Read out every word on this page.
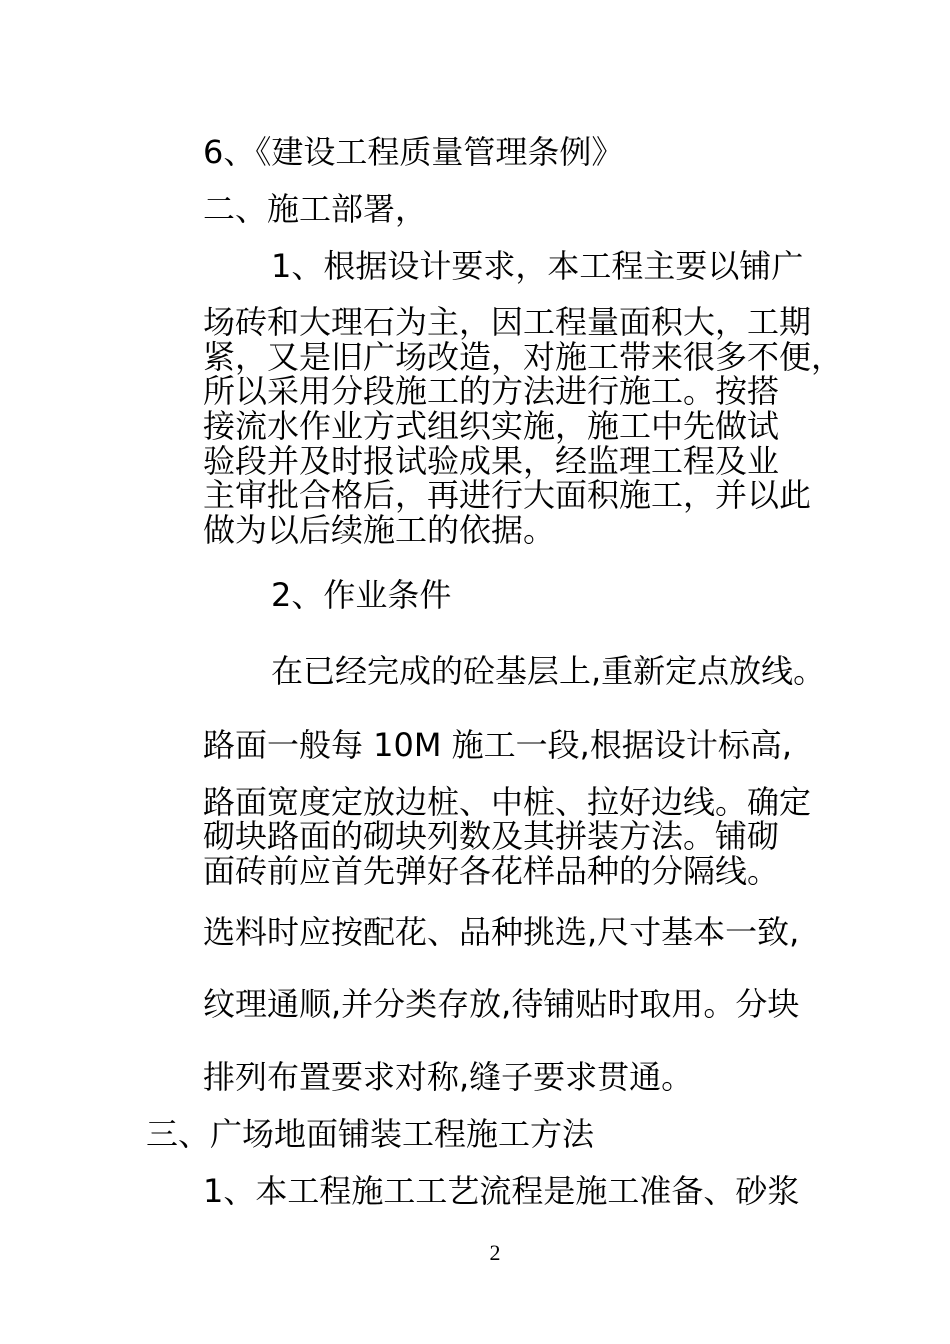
6、《建设工程质量管理条例》

二、施工部署，

1、根据设计要求，本工程主要以铺广

场砖和大理石为主，因工程量面积大，工期

紧，又是旧广场改造，对施工带来很多不便，

所以采用分段施工的方法进行施工。按搭

接流水作业方式组织实施，施工中先做试

验段并及时报试验成果，经监理工程及业

主审批合格后，再进行大面积施工，并以此

做为以后续施工的依据。

2、作业条件

在已经完成的砼基层上,重新定点放线。

路面一般每 10M 施工一段,根据设计标高,

路面宽度定放边桩、中桩、拉好边线。确定

砌块路面的砌块列数及其拼装方法。铺砌

面砖前应首先弹好各花样品种的分隔线。

选料时应按配花、品种挑选,尺寸基本一致,

纹理通顺,并分类存放,待铺贴时取用。分块

排列布置要求对称,缝子要求贯通。

三、广场地面铺装工程施工方法

1、本工程施工工艺流程是施工准备、砂浆

2
